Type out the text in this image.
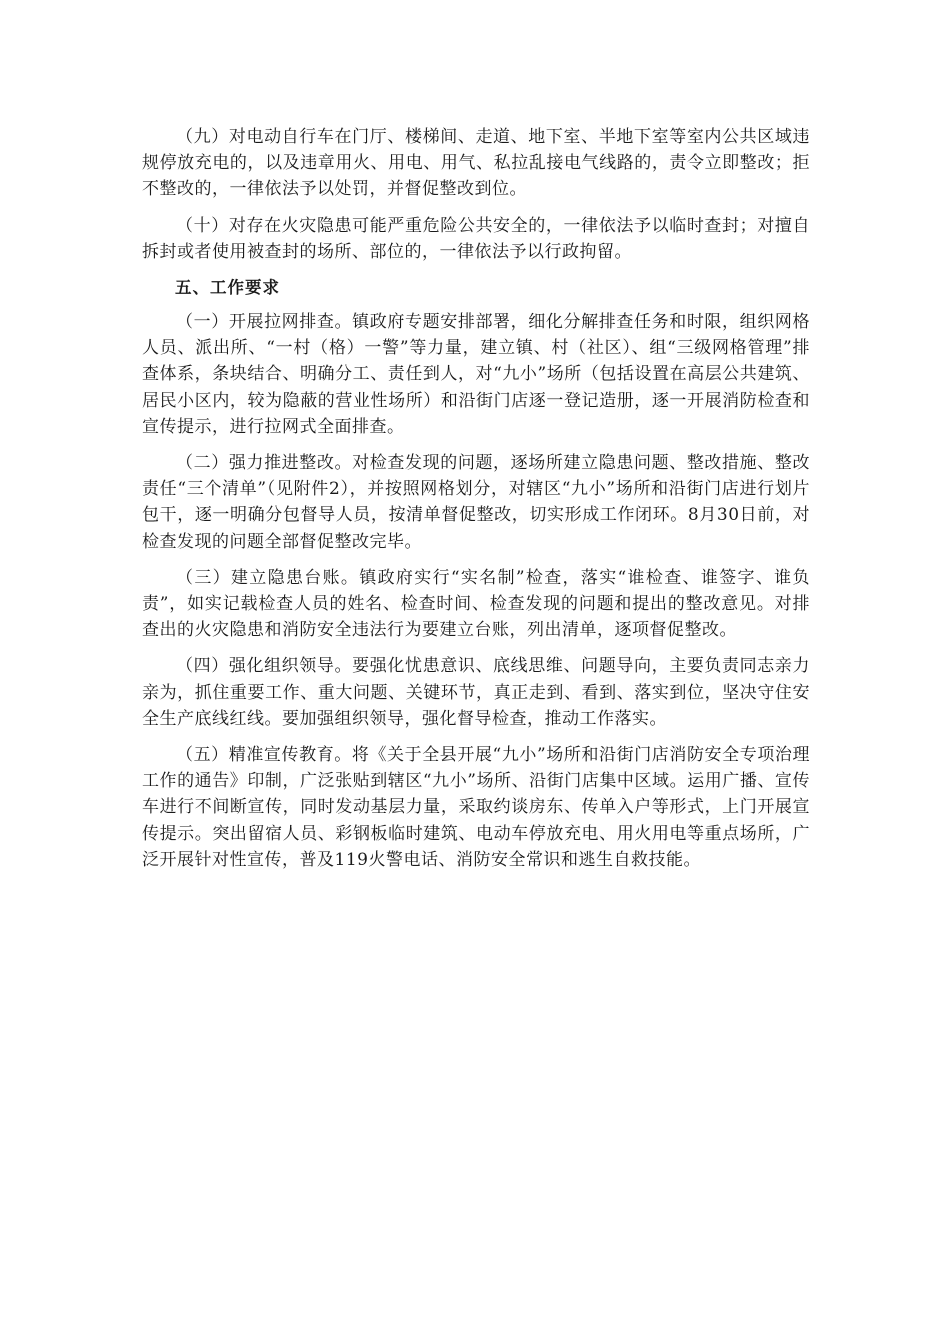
（九）对电动自行车在门厅、楼梯间、走道、地下室、半地下室等室内公共区域违规停放充电的，以及违章用火、用电、用气、私拉乱接电气线路的，责令立即整改；拒不整改的，一律依法予以处罚，并督促整改到位。

（十）对存在火灾隐患可能严重危险公共安全的，一律依法予以临时查封；对擅自拆封或者使用被查封的场所、部位的，一律依法予以行政拘留。

五、工作要求

（一）开展拉网排查。镇政府专题安排部署，细化分解排查任务和时限，组织网格人员、派出所、“一村（格）一警”等力量，建立镇、村（社区）、组“三级网格管理”排查体系，条块结合、明确分工、责任到人，对“九小”场所（包括设置在高层公共建筑、居民小区内，较为隐蔽的营业性场所）和沿街门店逐一登记造册，逐一开展消防检查和宣传提示，进行拉网式全面排查。

（二）强力推进整改。对检查发现的问题，逐场所建立隐患问题、整改措施、整改责任“三个清单”（见附件2），并按照网格划分，对辖区“九小”场所和沿街门店进行划片包干，逐一明确分包督导人员，按清单督促整改，切实形成工作闭环。8月30日前，对检查发现的问题全部督促整改完毕。

（三）建立隐患台账。镇政府实行“实名制”检查，落实“谁检查、谁签字、谁负责”，如实记载检查人员的姓名、检查时间、检查发现的问题和提出的整改意见。对排查出的火灾隐患和消防安全违法行为要建立台账，列出清单，逐项督促整改。

（四）强化组织领导。要强化忧患意识、底线思维、问题导向，主要负责同志亲力亲为，抓住重要工作、重大问题、关键环节，真正走到、看到、落实到位，坚决守住安全生产底线红线。要加强组织领导，强化督导检查，推动工作落实。

（五）精准宣传教育。将《关于全县开展“九小”场所和沿街门店消防安全专项治理工作的通告》印制，广泛张贴到辖区“九小”场所、沿街门店集中区域。运用广播、宣传车进行不间断宣传，同时发动基层力量，采取约谈房东、传单入户等形式，上门开展宣传提示。突出留宿人员、彩钢板临时建筑、电动车停放充电、用火用电等重点场所，广泛开展针对性宣传，普及119火警电话、消防安全常识和逃生自救技能。
